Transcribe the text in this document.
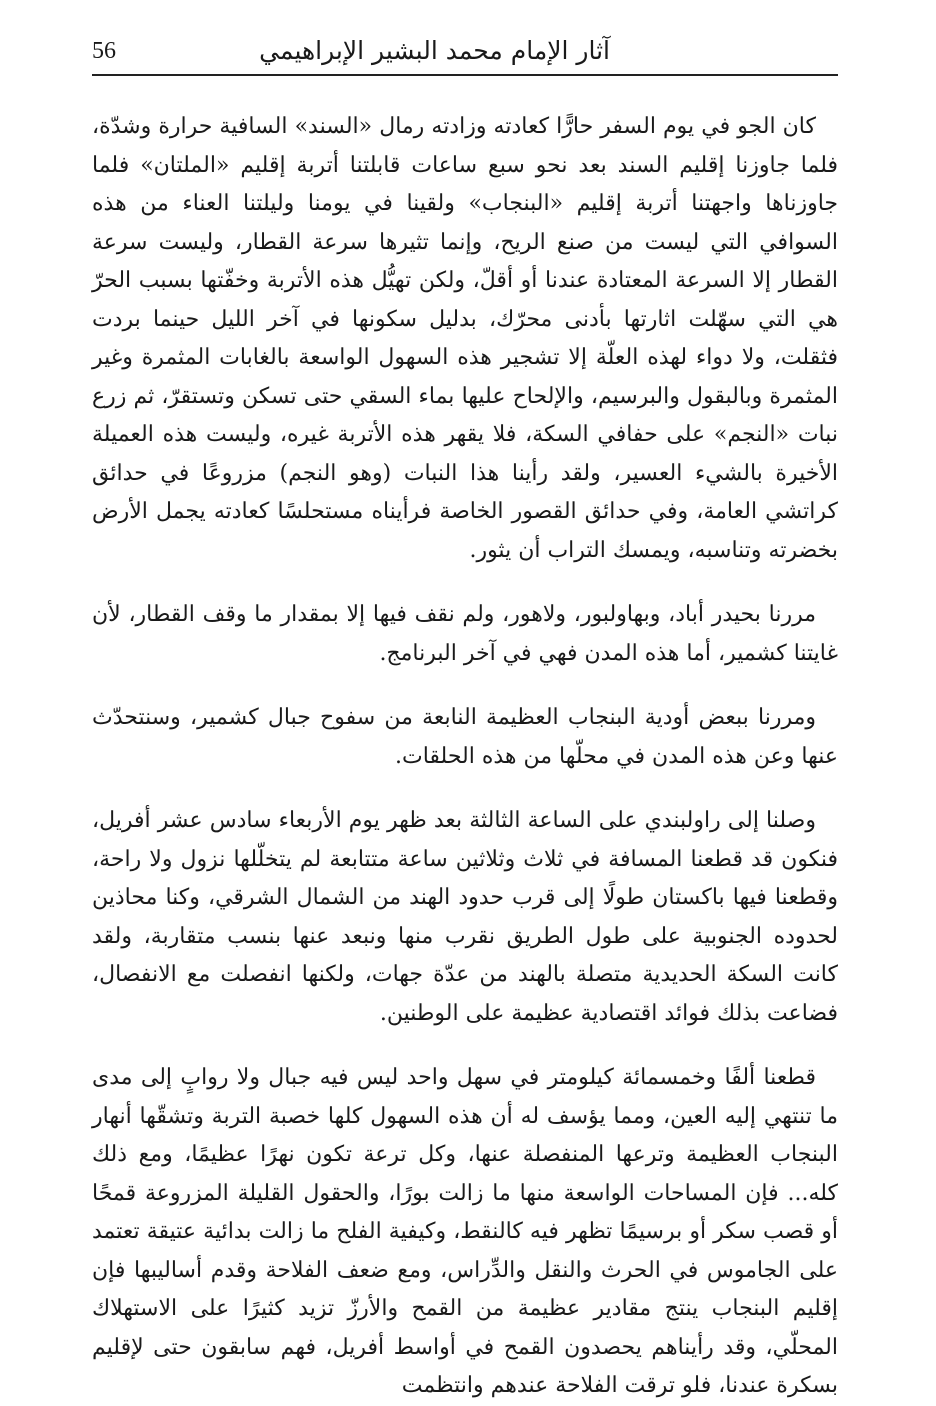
56	آثار الإمام محمد البشير الإبراهيمي

كان الجو في يوم السفر حارًّا كعادته وزادته رمال «السند» السافية حرارة وشدّة، فلما جاوزنا إقليم السند بعد نحو سبع ساعات قابلتنا أتربة إقليم «الملتان» فلما جاوزناها واجهتنا أتربة إقليم «البنجاب» ولقينا في يومنا وليلتنا العناء من هذه السوافي التي ليست من صنع الريح، وإنما تثيرها سرعة القطار، وليست سرعة القطار إلا السرعة المعتادة عندنا أو أقلّ، ولكن تهيُّل هذه الأتربة وخفّتها بسبب الحرّ هي التي سهّلت اثارتها بأدنى محرّك، بدليل سكونها في آخر الليل حينما بردت فثقلت، ولا دواء لهذه العلّة إلا تشجير هذه السهول الواسعة بالغابات المثمرة وغير المثمرة وبالبقول والبرسيم، والإلحاح عليها بماء السقي حتى تسكن وتستقرّ، ثم زرع نبات «النجم» على حفافي السكة، فلا يقهر هذه الأتربة غيره، وليست هذه العميلة الأخيرة بالشيء العسير، ولقد رأينا هذا النبات (وهو النجم) مزروعًا في حدائق كراتشي العامة، وفي حدائق القصور الخاصة فرأيناه مستحلسًا كعادته يجمل الأرض بخضرته وتناسبه، ويمسك التراب أن يثور.

مررنا بحيدر أباد، وبهاولبور، ولاهور، ولم نقف فيها إلا بمقدار ما وقف القطار، لأن غايتنا كشمير، أما هذه المدن فهي في آخر البرنامج.

ومررنا ببعض أودية البنجاب العظيمة النابعة من سفوح جبال كشمير، وسنتحدّث عنها وعن هذه المدن في محلّها من هذه الحلقات.

وصلنا إلى راولبندي على الساعة الثالثة بعد ظهر يوم الأربعاء سادس عشر أفريل، فنكون قد قطعنا المسافة في ثلاث وثلاثين ساعة متتابعة لم يتخلّلها نزول ولا راحة، وقطعنا فيها باكستان طولًا إلى قرب حدود الهند من الشمال الشرقي، وكنا محاذين لحدوده الجنوبية على طول الطريق نقرب منها ونبعد عنها بنسب متقاربة، ولقد كانت السكة الحديدية متصلة بالهند من عدّة جهات، ولكنها انفصلت مع الانفصال، فضاعت بذلك فوائد اقتصادية عظيمة على الوطنين.

قطعنا ألفًا وخمسمائة كيلومتر في سهل واحد ليس فيه جبال ولا روابٍ إلى مدى ما تنتهي إليه العين، ومما يؤسف له أن هذه السهول كلها خصبة التربة وتشقّها أنهار البنجاب العظيمة وترعها المنفصلة عنها، وكل ترعة تكون نهرًا عظيمًا، ومع ذلك كله... فإن المساحات الواسعة منها ما زالت بورًا، والحقول القليلة المزروعة قمحًا أو قصب سكر أو برسيمًا تظهر فيه كالنقط، وكيفية الفلح ما زالت بدائية عتيقة تعتمد على الجاموس في الحرث والنقل والدِّراس، ومع ضعف الفلاحة وقدم أساليبها فإن إقليم البنجاب ينتج مقادير عظيمة من القمح والأرزّ تزيد كثيرًا على الاستهلاك المحلّي، وقد رأيناهم يحصدون القمح في أواسط أفريل، فهم سابقون حتى لإقليم بسكرة عندنا، فلو ترقت الفلاحة عندهم وانتظمت
